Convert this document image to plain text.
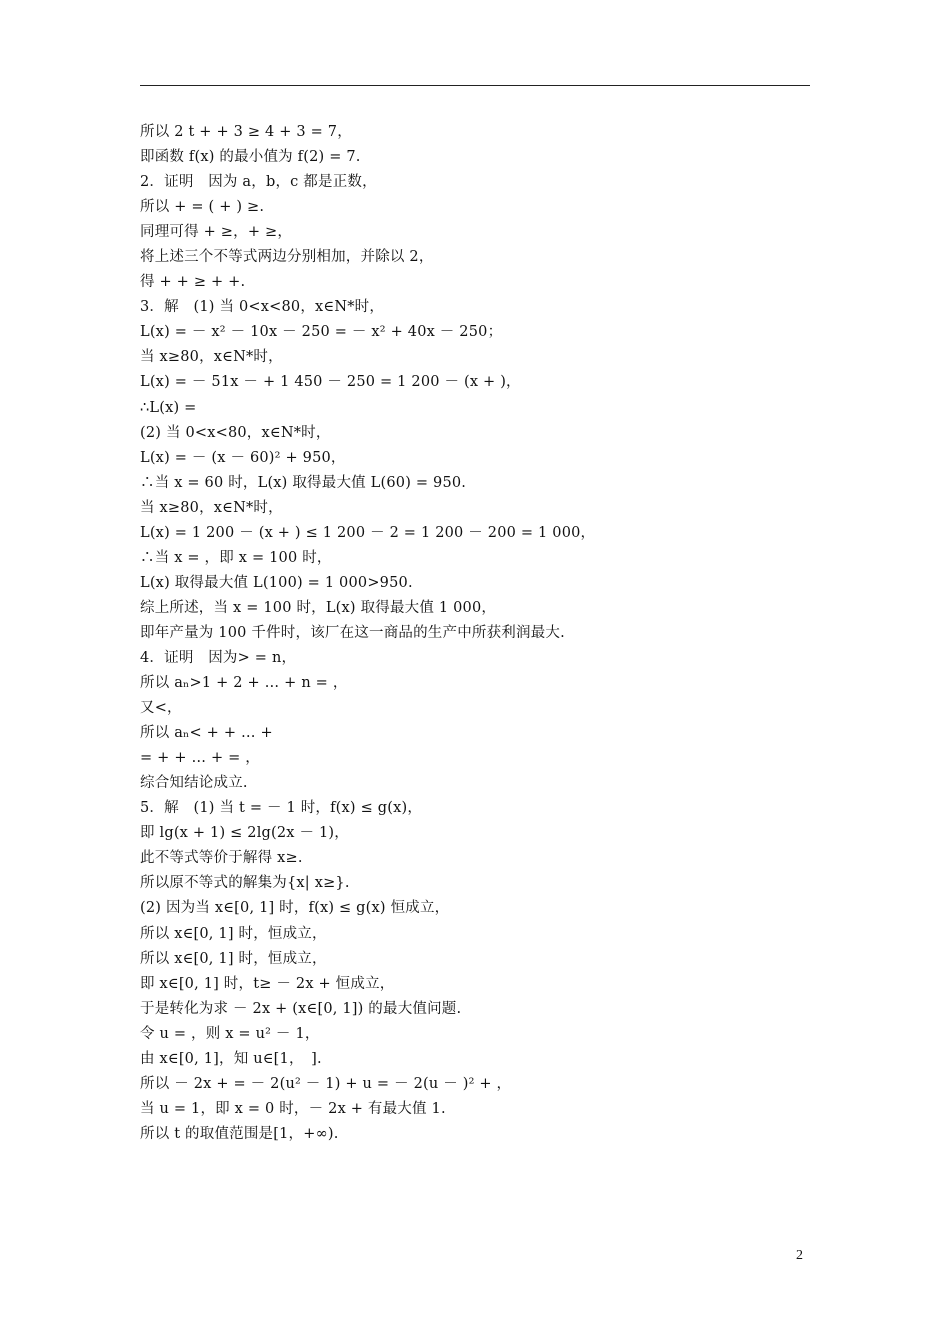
所以 2 t + + 3 ≥ 4 + 3 = 7，
即函数 f(x) 的最小值为 f(2) = 7.
2．证明　因为 a，b，c 都是正数，
所以 + = ( + ) ≥.
同理可得 + ≥，+ ≥，
将上述三个不等式两边分别相加，并除以 2，
得 + + ≥ + +.
3．解　(1) 当 0<x<80，x∈N*时，
L(x) = － x² － 10x － 250 = － x² + 40x － 250；
当 x≥80，x∈N*时，
L(x) = － 51x － + 1 450 － 250 = 1 200 － (x + )，
∴L(x) =
(2) 当 0<x<80，x∈N*时，
L(x) = － (x － 60)² + 950，
∴当 x = 60 时，L(x) 取得最大值 L(60) = 950.
当 x≥80，x∈N*时，
L(x) = 1 200 － (x + ) ≤ 1 200 － 2 = 1 200 － 200 = 1 000，
∴当 x = ，即 x = 100 时，
L(x) 取得最大值 L(100) = 1 000>950.
综上所述，当 x = 100 时，L(x) 取得最大值 1 000，
即年产量为 100 千件时，该厂在这一商品的生产中所获利润最大.
4．证明　因为> = n，
所以 aₙ>1 + 2 + … + n = ，
又<，
所以 aₙ< + + … +
= + + … + = ，
综合知结论成立.
5．解　(1) 当 t = － 1 时，f(x) ≤ g(x)，
即 lg(x + 1) ≤ 2lg(2x － 1)，
此不等式等价于解得 x≥.
所以原不等式的解集为{x| x≥}.
(2) 因为当 x∈[0, 1] 时，f(x) ≤ g(x) 恒成立，
所以 x∈[0, 1] 时，恒成立，
所以 x∈[0, 1] 时，恒成立，
即 x∈[0, 1] 时，t≥ － 2x + 恒成立，
于是转化为求 － 2x + (x∈[0, 1]) 的最大值问题.
令 u = ，则 x = u² － 1，
由 x∈[0, 1]，知 u∈[1，　].
所以 － 2x + = － 2(u² － 1) + u = － 2(u － )² + ，
当 u = 1，即 x = 0 时，－ 2x + 有最大值 1.
所以 t 的取值范围是[1，+∞).
2
